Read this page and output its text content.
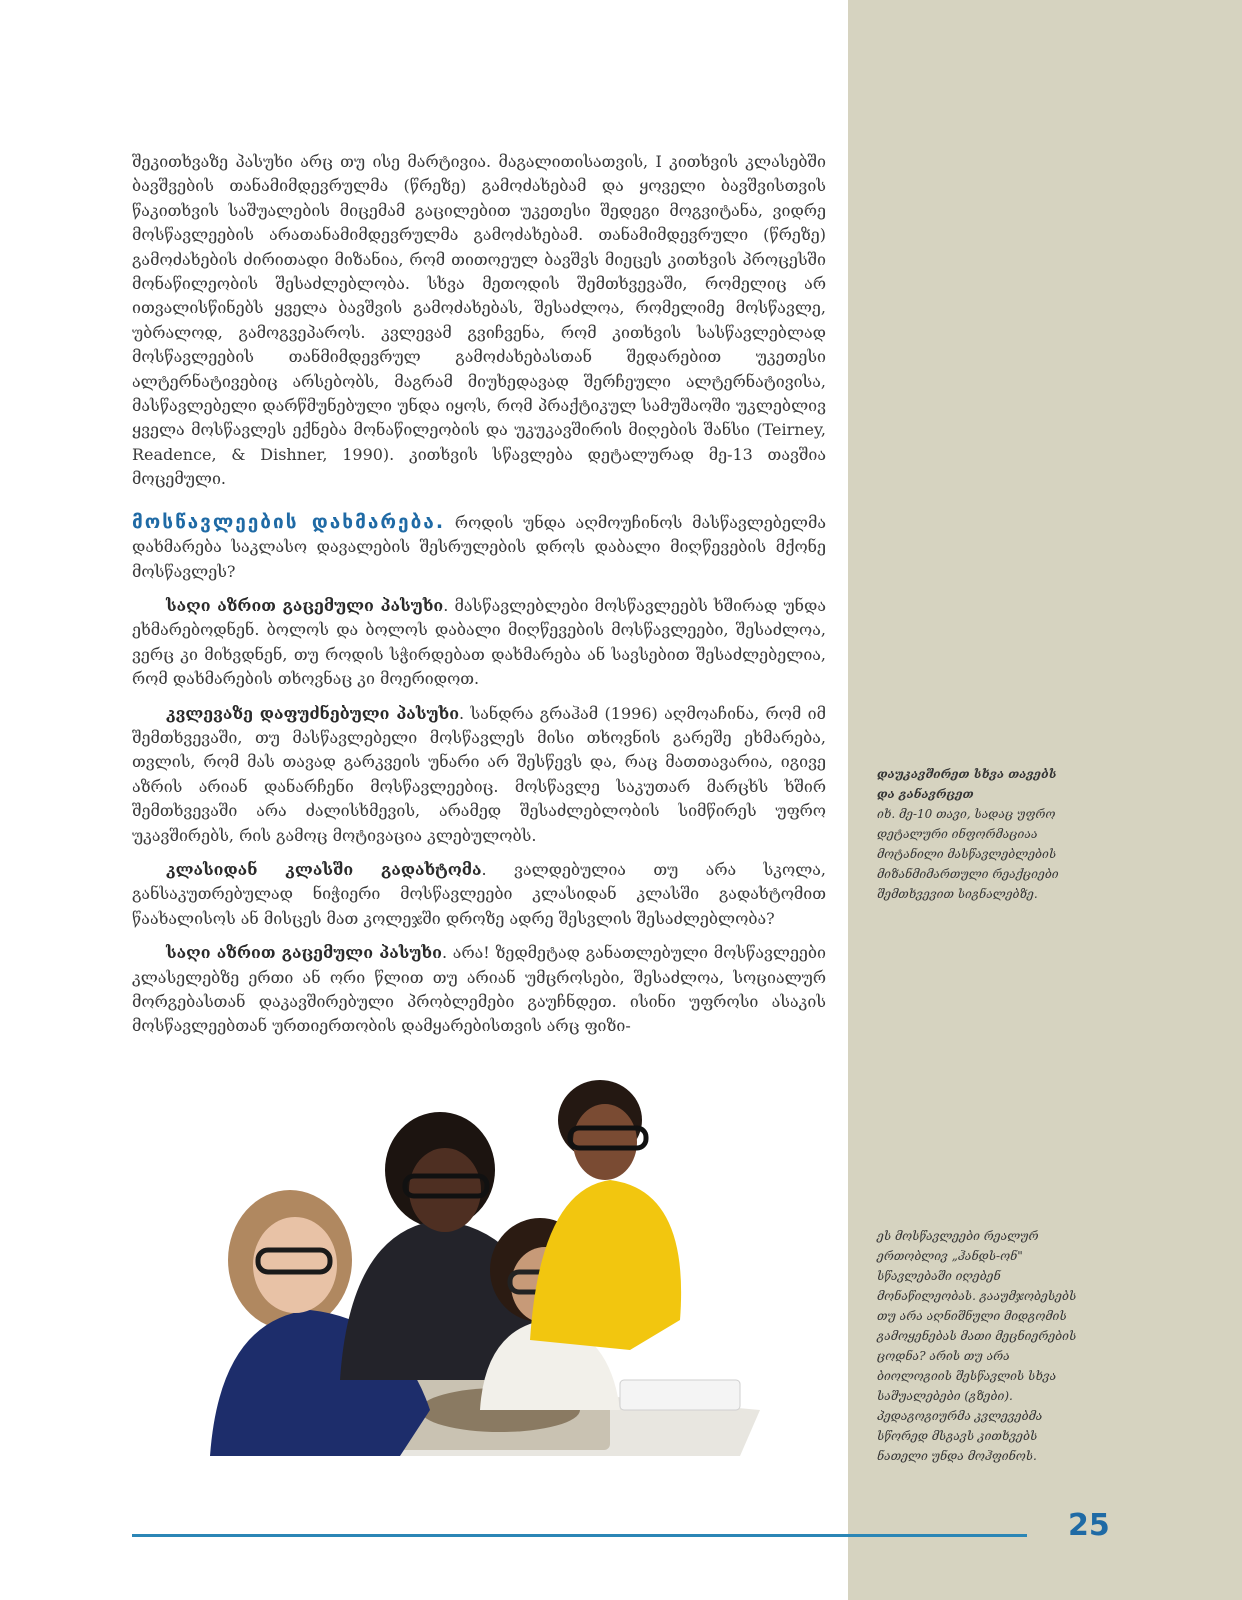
შეკითხვაზე პასუხი არც თუ ისე მარტივია. მაგალითისათვის, I კითხვის კლასებში ბავშვების თანამიმდევრულმა (წრეზე) გამოძახებამ და ყოველი ბავშვისთვის წაკითხვის საშუალების მიცემამ გაცილებით უკეთესი შედეგი მოგვიტანა, ვიდრე მოსწავლეების არათანამიმდევრულმა გამოძახებამ. თანამიმდევრული (წრეზე) გამოძახების ძირითადი მიზანია, რომ თითოეულ ბავშვს მიეცეს კითხვის პროცესში მონაწილეობის შესაძლებლობა. სხვა მეთოდის შემთხვევაში, რომელიც არ ითვალისწინებს ყველა ბავშვის გამოძახებას, შესაძლოა, რომელიმე მოსწავლე, უბრალოდ, გამოგვეპაროს. კვლევამ გვიჩვენა, რომ კითხვის სასწავლებლად მოსწავლეების თანმიმდევრულ გამოძახებასთან შედარებით უკეთესი ალტერნატივებიც არსებობს, მაგრამ მიუხედავად შერჩეული ალტერნატივისა, მასწავლებელი დარწმუნებული უნდა იყოს, რომ პრაქტიკულ სამუშაოში უკლებლივ ყველა მოსწავლეს ექნება მონაწილეობის და უკუკავშირის მიღების შანსი (Teirney, Readence, & Dishner, 1990). კითხვის სწავლება დეტალურად მე-13 თავშია მოცემული.

მოსწავლეების დახმარება. როდის უნდა აღმოუჩინოს მასწავლებელმა დახმარება საკლასო დავალების შესრულების დროს დაბალი მიღწევების მქონე მოსწავლეს?

საღი აზრით გაცემული პასუხი. მასწავლებლები მოსწავლეებს ხშირად უნდა ეხმარებოდნენ. ბოლოს და ბოლოს დაბალი მიღწევების მოსწავლეები, შესაძლოა, ვერც კი მიხვდნენ, თუ როდის სჭირდებათ დახმარება ან სავსებით შესაძლებელია, რომ დახმარების თხოვნაც კი მოერიდოთ.

კვლევაზე დაფუძნებული პასუხი. სანდრა გრაჰამ (1996) აღმოაჩინა, რომ იმ შემთხვევაში, თუ მასწავლებელი მოსწავლეს მისი თხოვნის გარეშე ეხმარება, თვლის, რომ მას თავად გარკვეის უნარი არ შესწევს და, რაც მათთავარია, იგივე აზრის არიან დანარჩენი მოსწავლეებიც. მოსწავლე საკუთარ მარცხს ხშირ შემთხვევაში არა ძალისხმევის, არამედ შესაძლებლობის სიმწირეს უფრო უკავშირებს, რის გამოც მოტივაცია კლებულობს.

კლასიდან კლასში გადახტომა. ვალდებულია თუ არა სკოლა, განსაკუთრებულად ნიჭიერი მოსწავლეები კლასიდან კლასში გადახტომით წაახალისოს ან მისცეს მათ კოლეჯში დროზე ადრე შესვლის შესაძლებლობა?

საღი აზრით გაცემული პასუხი. არა! ზედმეტად განათლებული მოსწავლეები კლასელებზე ერთი ან ორი წლით თუ არიან უმცროსები, შესაძლოა, სოციალურ მორგებასთან დაკავშირებული პრობლემები გაუჩნდეთ. ისინი უფროსი ასაკის მოსწავლეებთან ურთიერთობის დამყარებისთვის არც ფიზი-

დაუკავშირეთ სხვა თავებს და განავრცეთ
იხ. მე-10 თავი, სადაც უფრო დეტალური ინფორმაციაა მოტანილი მასწავლებლების მიზანმიმართული რეაქციები შემთხვევით სიგნალებზე.
ეს მოსწავლეები რეალურ ერთობლივ „ჰანდს-ონ" სწავლებაში იღებენ მონაწილეობას. გააუმჯობესებს თუ არა აღნიშნული მიდგომის გამოყენებას მათი მეცნიერების ცოდნა? არის თუ არა ბიოლოგიის შესწავლის სხვა საშუალებები (გზები). პედაგოგიურმა კვლევებმა სწორედ მსგავს კითხვებს ნათელი უნდა მოჰფინოს.
25
